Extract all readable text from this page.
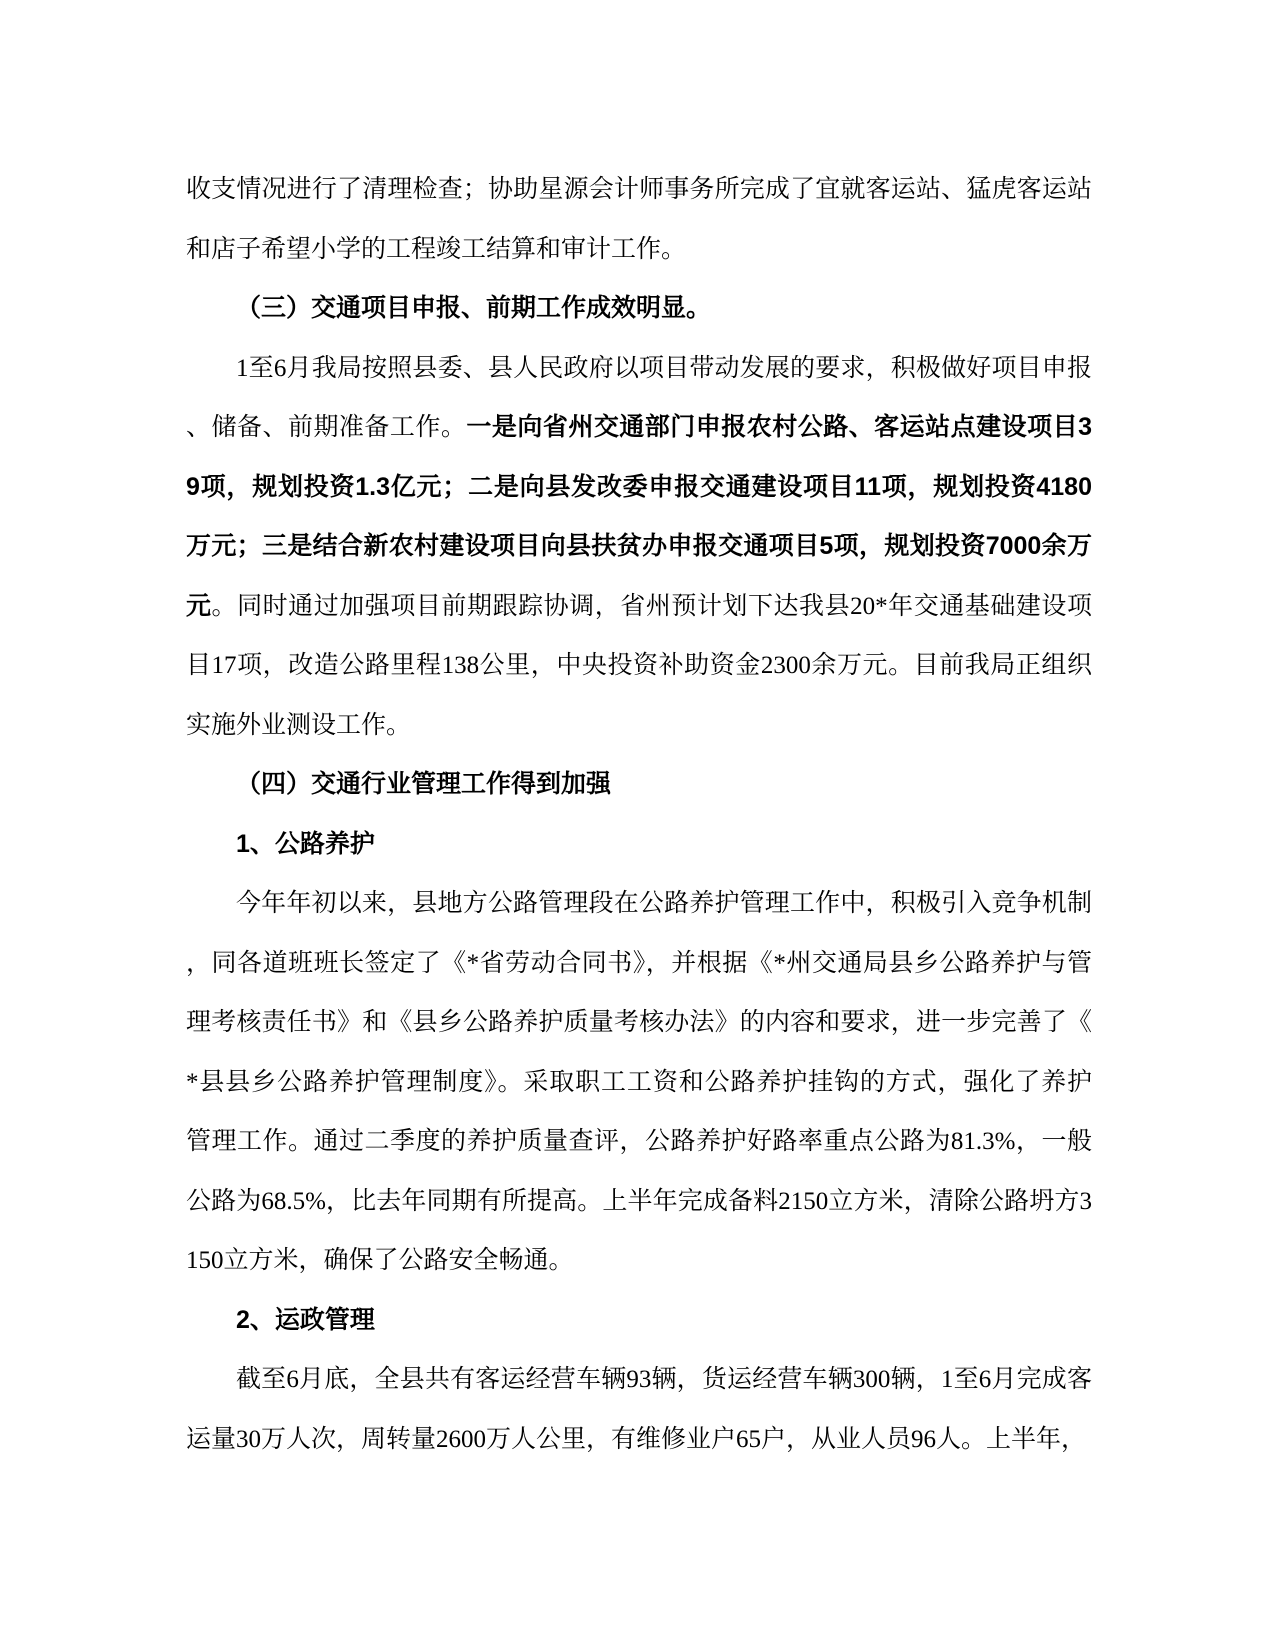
收支情况进行了清理检查；协助星源会计师事务所完成了宜就客运站、猛虎客运站
和店子希望小学的工程竣工结算和审计工作。
（三）交通项目申报、前期工作成效明显。
1至6月我局按照县委、县人民政府以项目带动发展的要求，积极做好项目申报
、储备、前期准备工作。一是向省州交通部门申报农村公路、客运站点建设项目3
9项，规划投资1.3亿元；二是向县发改委申报交通建设项目11项，规划投资4180
万元；三是结合新农村建设项目向县扶贫办申报交通项目5项，规划投资7000余万
元。同时通过加强项目前期跟踪协调，省州预计划下达我县20*年交通基础建设项
目17项，改造公路里程138公里，中央投资补助资金2300余万元。目前我局正组织
实施外业测设工作。
（四）交通行业管理工作得到加强
1、公路养护
今年年初以来，县地方公路管理段在公路养护管理工作中，积极引入竞争机制
，同各道班班长签定了《*省劳动合同书》，并根据《*州交通局县乡公路养护与管
理考核责任书》和《县乡公路养护质量考核办法》的内容和要求，进一步完善了《
*县县乡公路养护管理制度》。采取职工工资和公路养护挂钩的方式，强化了养护
管理工作。通过二季度的养护质量查评，公路养护好路率重点公路为81.3%，一般
公路为68.5%，比去年同期有所提高。上半年完成备料2150立方米，清除公路坍方3
150立方米，确保了公路安全畅通。
2、运政管理
截至6月底，全县共有客运经营车辆93辆，货运经营车辆300辆，1至6月完成客
运量30万人次，周转量2600万人公里，有维修业户65户，从业人员96人。上半年，
